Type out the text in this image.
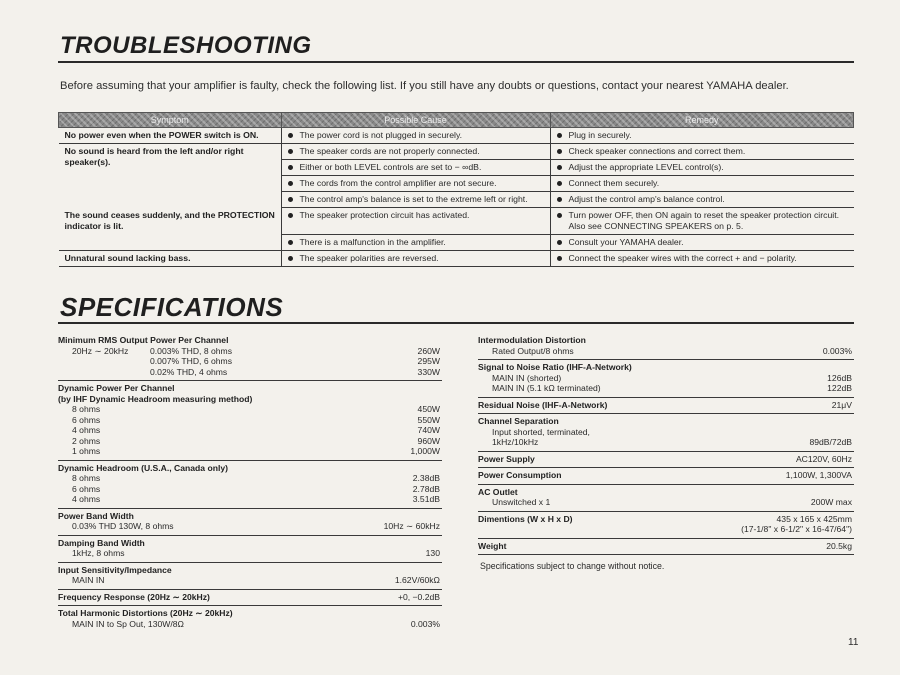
TROUBLESHOOTING
Before assuming that your amplifier is faulty, check the following list. If you still have any doubts or questions, contact your nearest YAMAHA dealer.
Symptom	Possible Cause	Remedy
No power even when the POWER switch is ON.	The power cord is not plugged in securely.	Plug in securely.
No sound is heard from the left and/or right speaker(s).	The speaker cords are not properly connected.	Check speaker connections and correct them.
	Either or both LEVEL controls are set to − ∞dB.	Adjust the appropriate LEVEL control(s).
	The cords from the control amplifier are not secure.	Connect them securely.
	The control amp's balance is set to the extreme left or right.	Adjust the control amp's balance control.
The sound ceases suddenly, and the PROTECTION indicator is lit.	The speaker protection circuit has activated.	Turn power OFF, then ON again to reset the speaker protection circuit. Also see CONNECTING SPEAKERS on p. 5.
	There is a malfunction in the amplifier.	Consult your YAMAHA dealer.
Unnatural sound lacking bass.	The speaker polarities are reversed.	Connect the speaker wires with the correct + and − polarity.
SPECIFICATIONS
Minimum RMS Output Power Per Channel
20Hz ∼ 20kHz	0.003% THD, 8 ohms	260W

0.007% THD, 6 ohms	295W

0.02% THD, 4 ohms	330W

Dynamic Power Per Channel
(by IHF Dynamic Headroom measuring method)
8 ohms	450W
6 ohms	550W
4 ohms	740W
2 ohms	960W
1 ohms	1,000W
Dynamic Headroom (U.S.A., Canada only)
8 ohms	2.38dB
6 ohms	2.78dB
4 ohms	3.51dB
Power Band Width
0.03% THD 130W, 8 ohms	10Hz ∼ 60kHz
Damping Band Width
1kHz, 8 ohms	130
Input Sensitivity/Impedance
MAIN IN	1.62V/60kΩ
Frequency Response (20Hz ∼ 20kHz)	+0, −0.2dB
Total Harmonic Distortions (20Hz ∼ 20kHz)
MAIN IN to Sp Out, 130W/8Ω	0.003%
Intermodulation Distortion
Rated Output/8 ohms	0.003%
Signal to Noise Ratio (IHF-A-Network)
MAIN IN (shorted)	126dB
MAIN IN (5.1 kΩ terminated)	122dB
Residual Noise (IHF-A-Network)	21μV
Channel Separation
Input shorted, terminated,
1kHz/10kHz	89dB/72dB
Power Supply	AC120V, 60Hz
Power Consumption	1,100W, 1,300VA
AC Outlet
Unswitched x 1	200W max
Dimentions (W x H x D)	435 x 165 x 425mm

(17-1/8" x 6-1/2" x 16-47/64")
Weight	20.5kg
Specifications subject to change without notice.
11
